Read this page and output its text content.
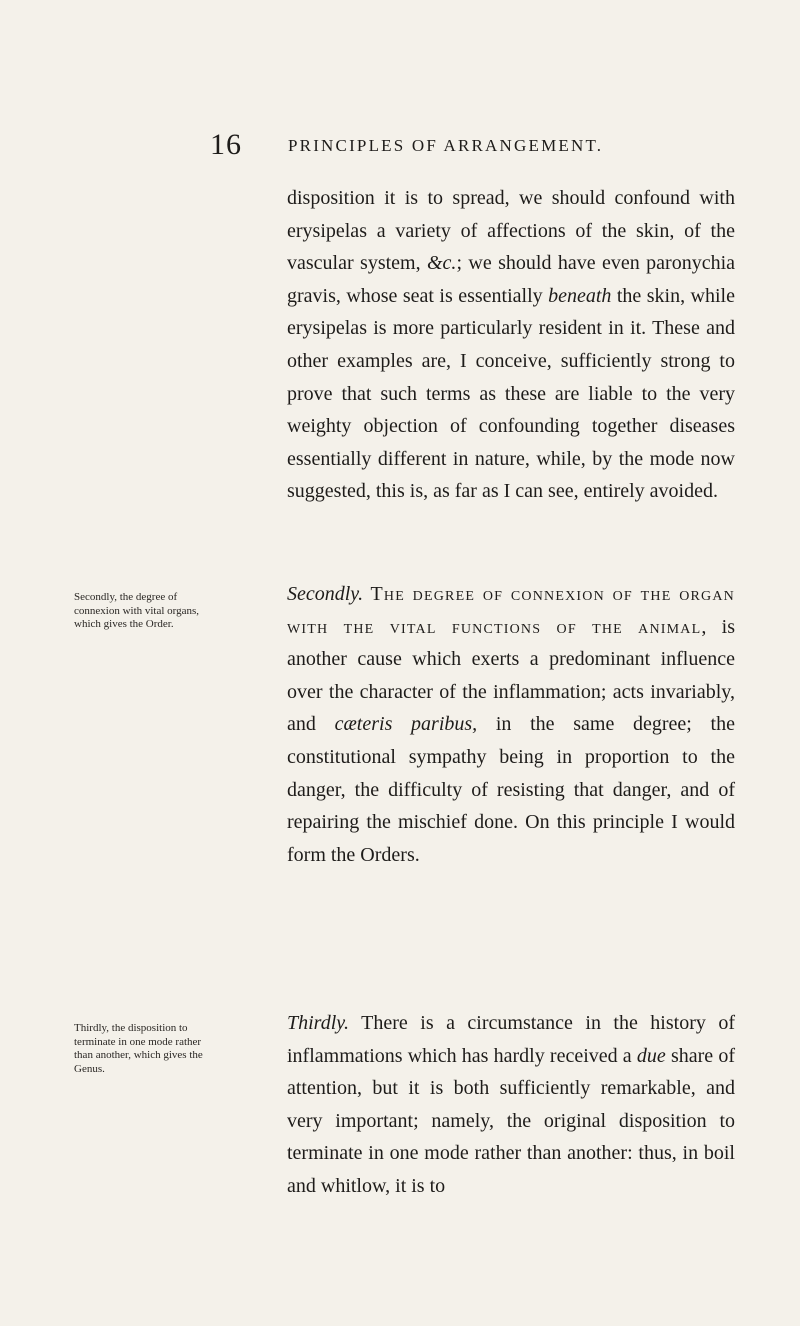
16	PRINCIPLES OF ARRANGEMENT.

disposition it is to spread, we should confound with erysipelas a variety of affections of the skin, of the vascular system, &c.; we should have even paronychia gravis, whose seat is essentially beneath the skin, while erysipelas is more particularly resident in it. These and other examples are, I conceive, sufficiently strong to prove that such terms as these are liable to the very weighty objection of confounding together diseases essentially different in nature, while, by the mode now suggested, this is, as far as I can see, entirely avoided.

Secondly, the degree of connexion with vital organs, which gives the Order.

Secondly. The degree of connexion of the organ with the vital functions of the animal, is another cause which exerts a predominant influence over the character of the inflammation; acts invariably, and cæteris paribus, in the same degree; the constitutional sympathy being in proportion to the danger, the difficulty of resisting that danger, and of repairing the mischief done. On this principle I would form the Orders.

Thirdly, the disposition to terminate in one mode rather than another, which gives the Genus.

Thirdly. There is a circumstance in the history of inflammations which has hardly received a due share of attention, but it is both sufficiently remarkable, and very important; namely, the original disposition to terminate in one mode rather than another: thus, in boil and whitlow, it is to
